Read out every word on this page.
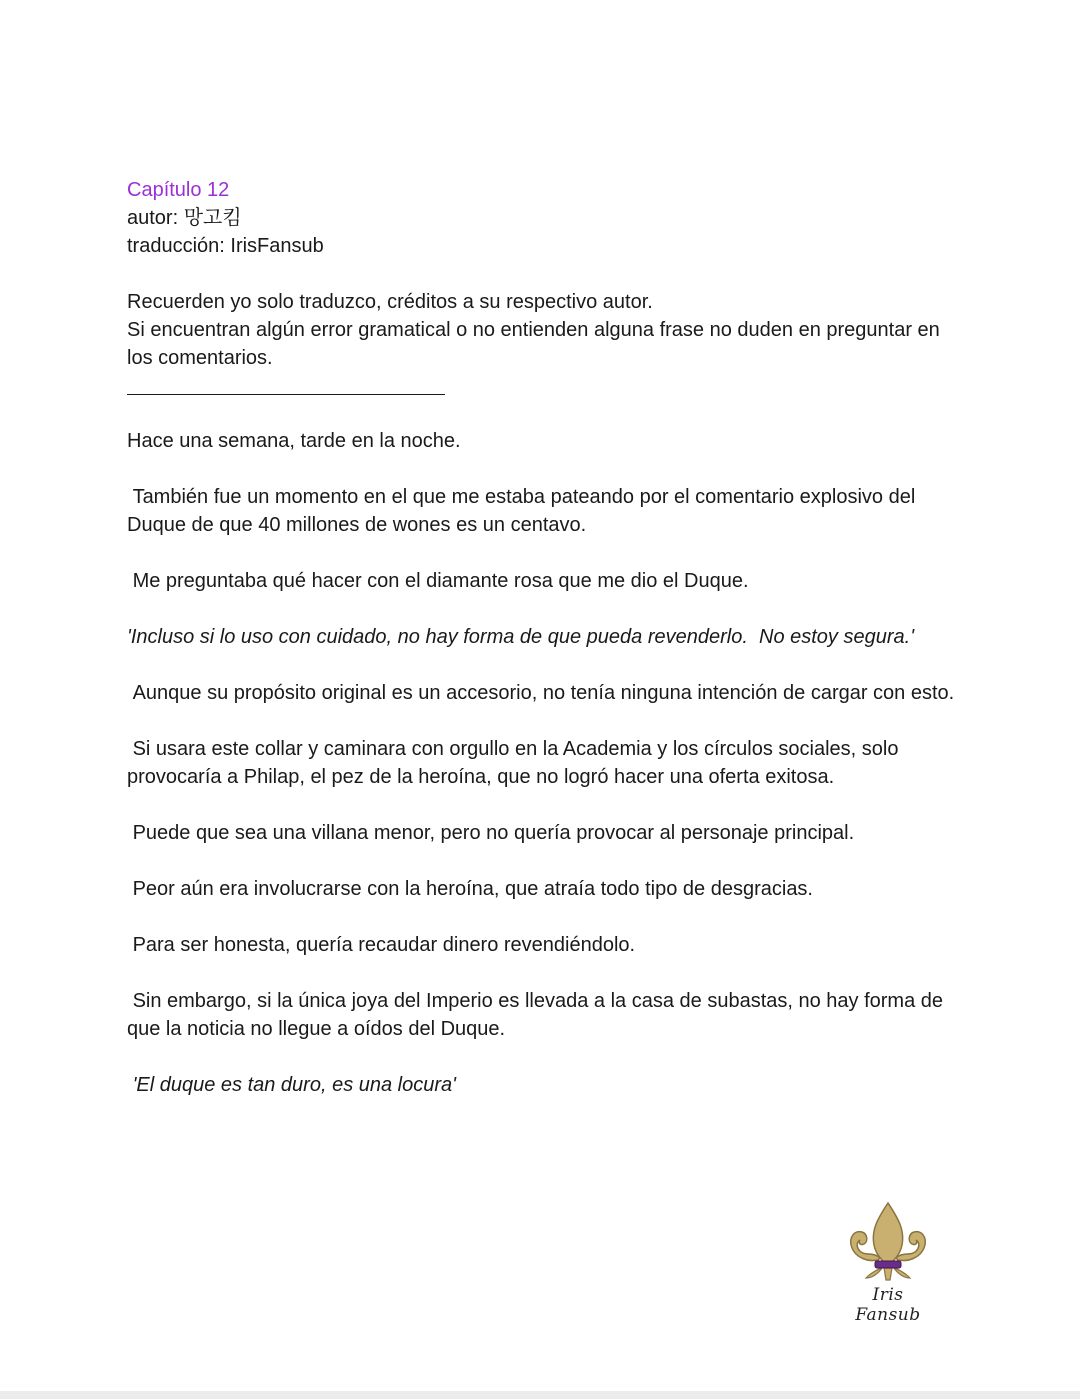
Capítulo 12
autor: 망고킴
traducción: IrisFansub
Recuerden yo solo traduzco, créditos a su respectivo autor.
Si encuentran algún error gramatical o no entienden alguna frase no duden en preguntar en los comentarios.
Hace una semana, tarde en la noche.
También fue un momento en el que me estaba pateando por el comentario explosivo del Duque de que 40 millones de wones es un centavo.
Me preguntaba qué hacer con el diamante rosa que me dio el Duque.
'Incluso si lo uso con cuidado, no hay forma de que pueda revenderlo.  No estoy segura.'
Aunque su propósito original es un accesorio, no tenía ninguna intención de cargar con esto.
Si usara este collar y caminara con orgullo en la Academia y los círculos sociales, solo provocaría a Philap, el pez de la heroína, que no logró hacer una oferta exitosa.
Puede que sea una villana menor, pero no quería provocar al personaje principal.
Peor aún era involucrarse con la heroína, que atraía todo tipo de desgracias.
Para ser honesta, quería recaudar dinero revendiéndolo.
Sin embargo, si la única joya del Imperio es llevada a la casa de subastas, no hay forma de que la noticia no llegue a oídos del Duque.
'El duque es tan duro, es una locura'
Iris Fansub
